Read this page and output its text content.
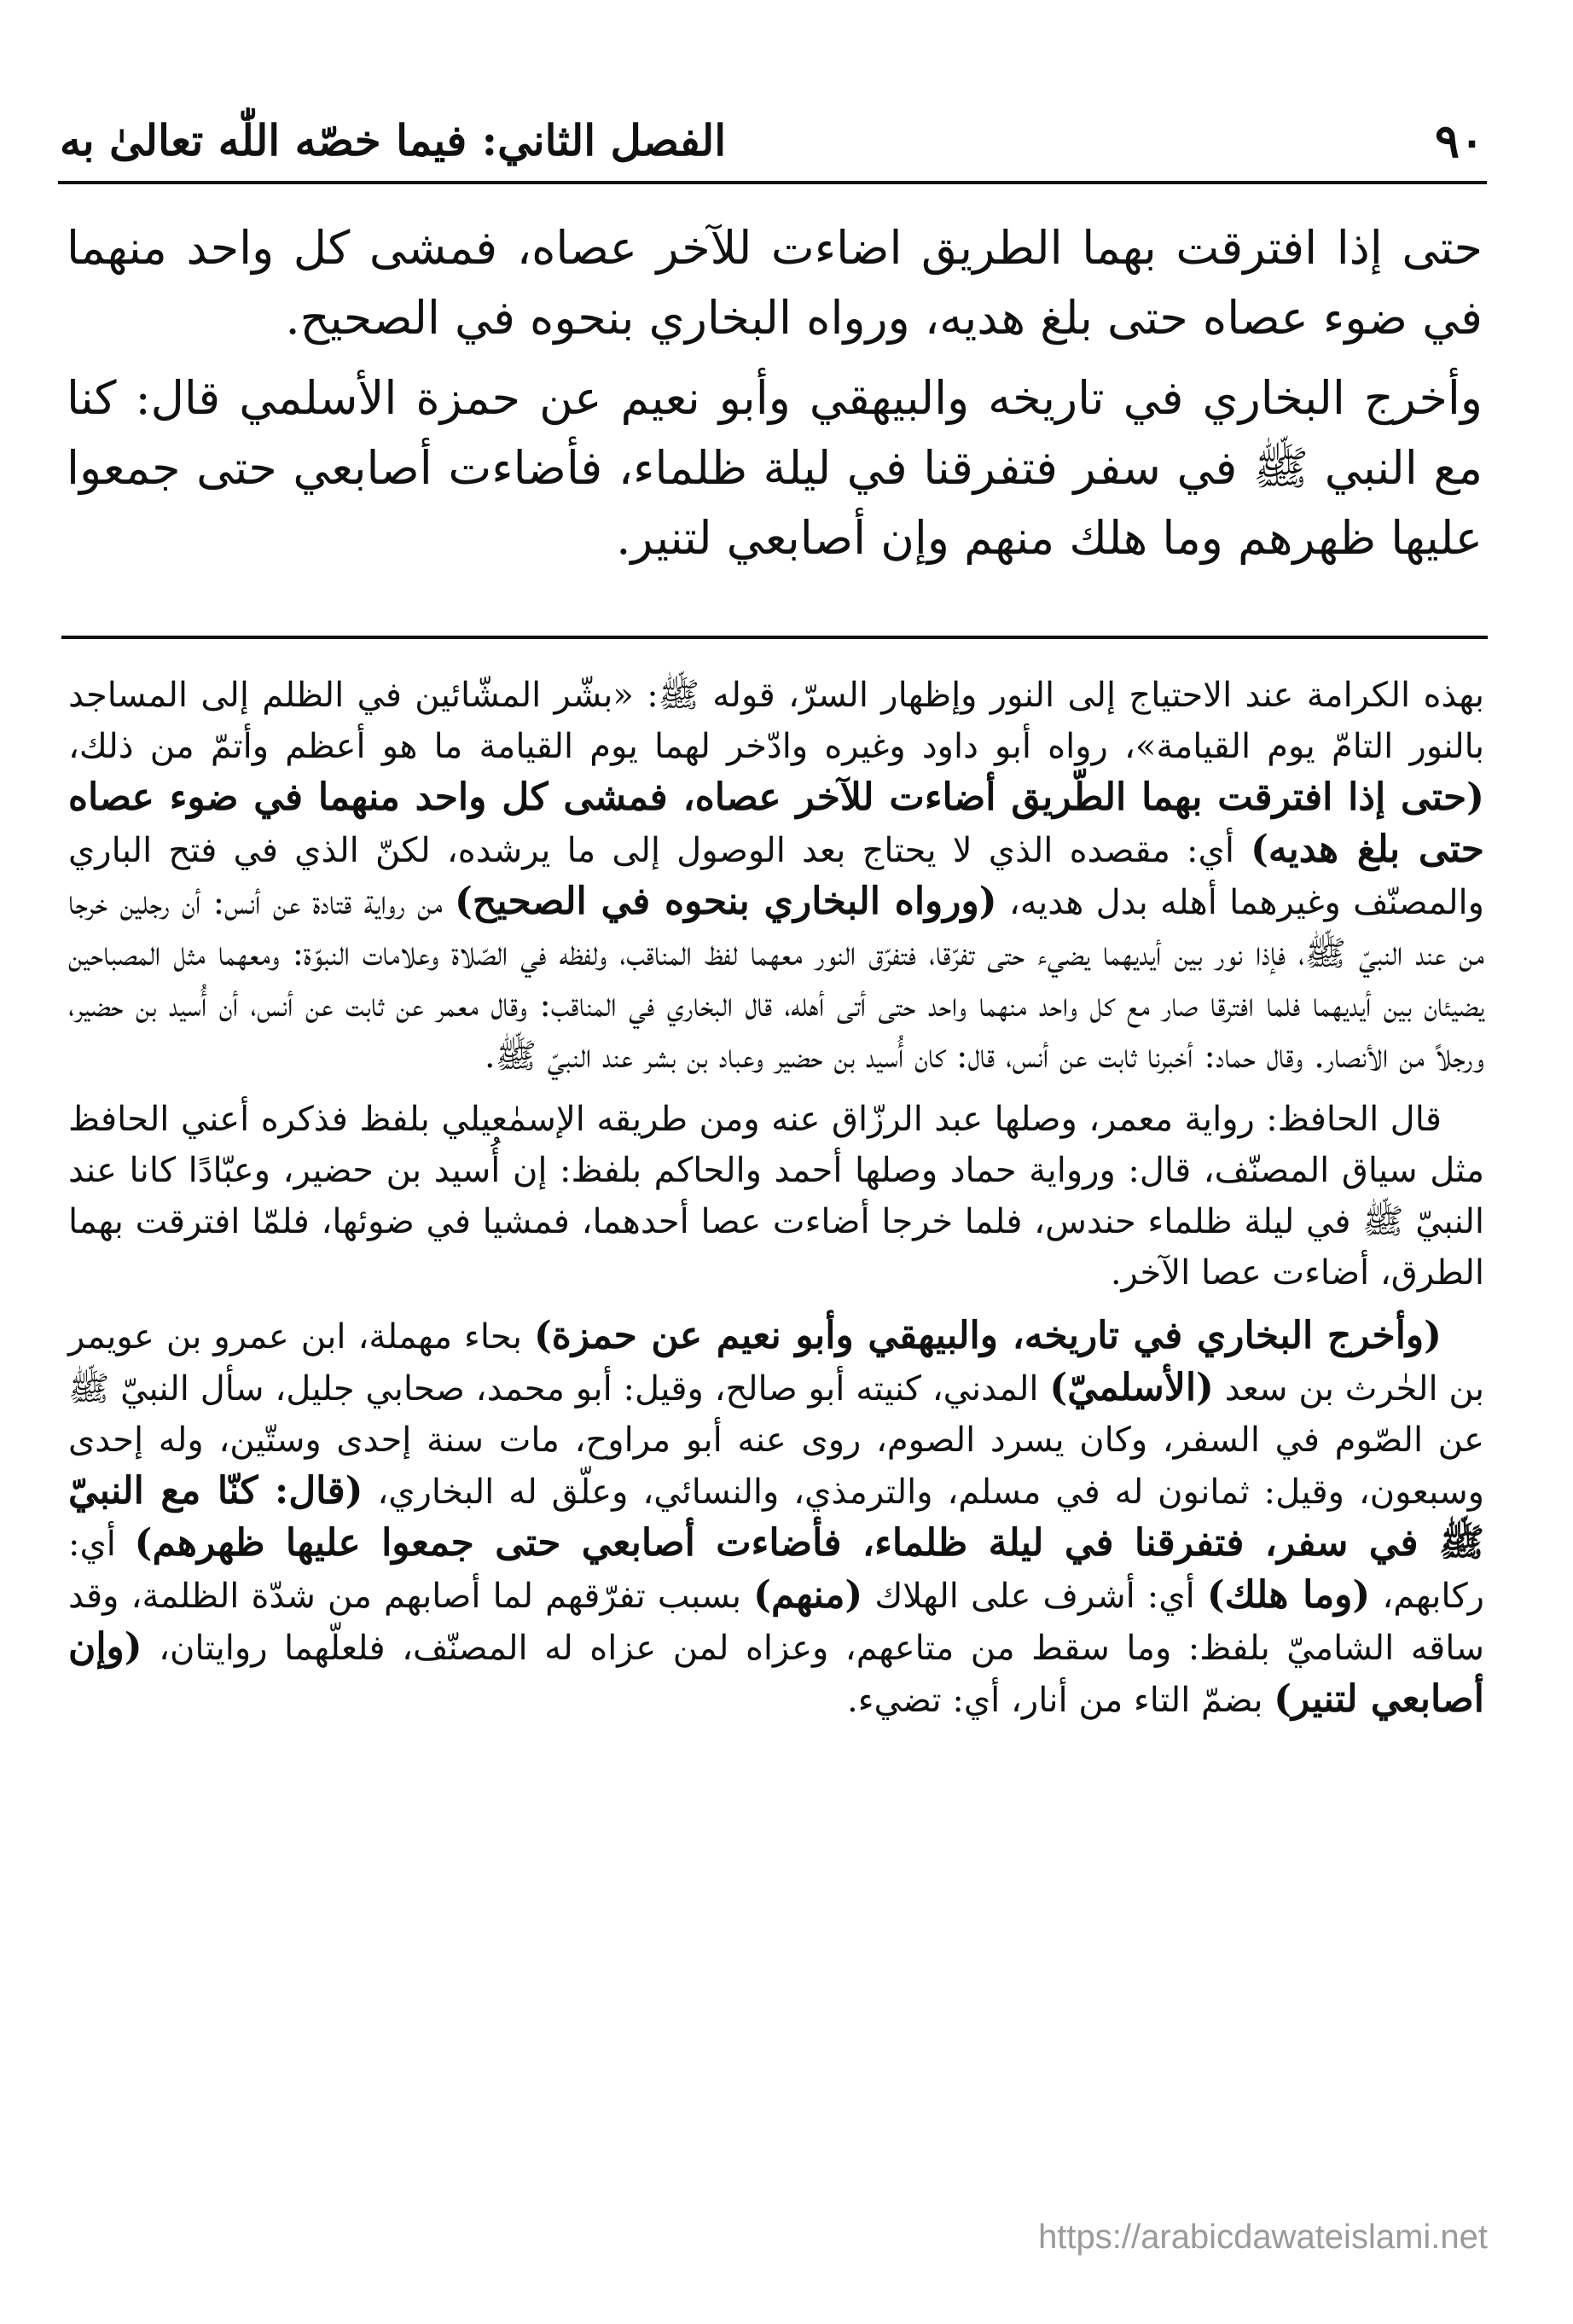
٩٠
الفصل الثاني: فيما خصّه اللّٰه تعالىٰ به

حتى إذا افترقت بهما الطريق اضاءت للآخر عصاه، فمشى كل واحد منهما في ضوء عصاه حتى بلغ هديه، ورواه البخاري بنحوه في الصحيح.

وأخرج البخاري في تاريخه والبيهقي وأبو نعيم عن حمزة الأسلمي قال: كنا مع النبي ﷺ في سفر فتفرقنا في ليلة ظلماء، فأضاءت أصابعي حتى جمعوا عليها ظهرهم وما هلك منهم وإن أصابعي لتنير.

بهذه الكرامة عند الاحتياج إلى النور وإظهار السرّ، قوله ﷺ: «بشّر المشّائين في الظلم إلى المساجد بالنور التامّ يوم القيامة»، رواه أبو داود وغيره وادّخر لهما يوم القيامة ما هو أعظم وأتمّ من ذلك، (حتى إذا افترقت بهما الطّريق أضاءت للآخر عصاه، فمشى كل واحد منهما في ضوء عصاه حتى بلغ هديه) أي: مقصده الذي لا يحتاج بعد الوصول إلى ما يرشده، لكنّ الذي في فتح الباري والمصنّف وغيرهما أهله بدل هديه، (ورواه البخاري بنحوه في الصحيح) من رواية قتادة عن أنس: أن رجلين خرجا من عند النبيّ ﷺ، فإذا نور بين أيديهما يضيء حتى تفرّقا، فتفرّق النور معهما لفظ المناقب، ولفظه في الصّلاة وعلامات النبوّة: ومعهما مثل المصباحين يضيئان بين أيديهما فلما افترقا صار مع كل واحد منهما واحد حتى أتى أهله، قال البخاري في المناقب: وقال معمر عن ثابت عن أنس، أن أُسيد بن حضير، ورجلاً من الأنصار. وقال حماد: أخبرنا ثابت عن أنس، قال: كان أُسيد بن حضير وعباد بن بشر عند النبيّ ﷺ.

قال الحافظ: رواية معمر، وصلها عبد الرزّاق عنه ومن طريقه الإسمٰعيلي بلفظ فذكره أعني الحافظ مثل سياق المصنّف، قال: ورواية حماد وصلها أحمد والحاكم بلفظ: إن أُسيد بن حضير، وعبّادًا كانا عند النبيّ ﷺ في ليلة ظلماء حندس، فلما خرجا أضاءت عصا أحدهما، فمشيا في ضوئها، فلمّا افترقت بهما الطرق، أضاءت عصا الآخر.

(وأخرج البخاري في تاريخه، والبيهقي وأبو نعيم عن حمزة) بحاء مهملة، ابن عمرو بن عويمر بن الحٰرث بن سعد (الأسلميّ) المدني، كنيته أبو صالح، وقيل: أبو محمد، صحابي جليل، سأل النبيّ ﷺ عن الصّوم في السفر، وكان يسرد الصوم، روى عنه أبو مراوح، مات سنة إحدى وستّين، وله إحدى وسبعون، وقيل: ثمانون له في مسلم، والترمذي، والنسائي، وعلّق له البخاري، (قال: كنّا مع النبيّ ﷺ في سفر، فتفرقنا في ليلة ظلماء، فأضاءت أصابعي حتى جمعوا عليها ظهرهم) أي: ركابهم، (وما هلك) أي: أشرف على الهلاك (منهم) بسبب تفرّقهم لما أصابهم من شدّة الظلمة، وقد ساقه الشاميّ بلفظ: وما سقط من متاعهم، وعزاه لمن عزاه له المصنّف، فلعلّهما روايتان، (وإن أصابعي لتنير) بضمّ التاء من أنار، أي: تضيء.

https://arabicdawateislami.net
